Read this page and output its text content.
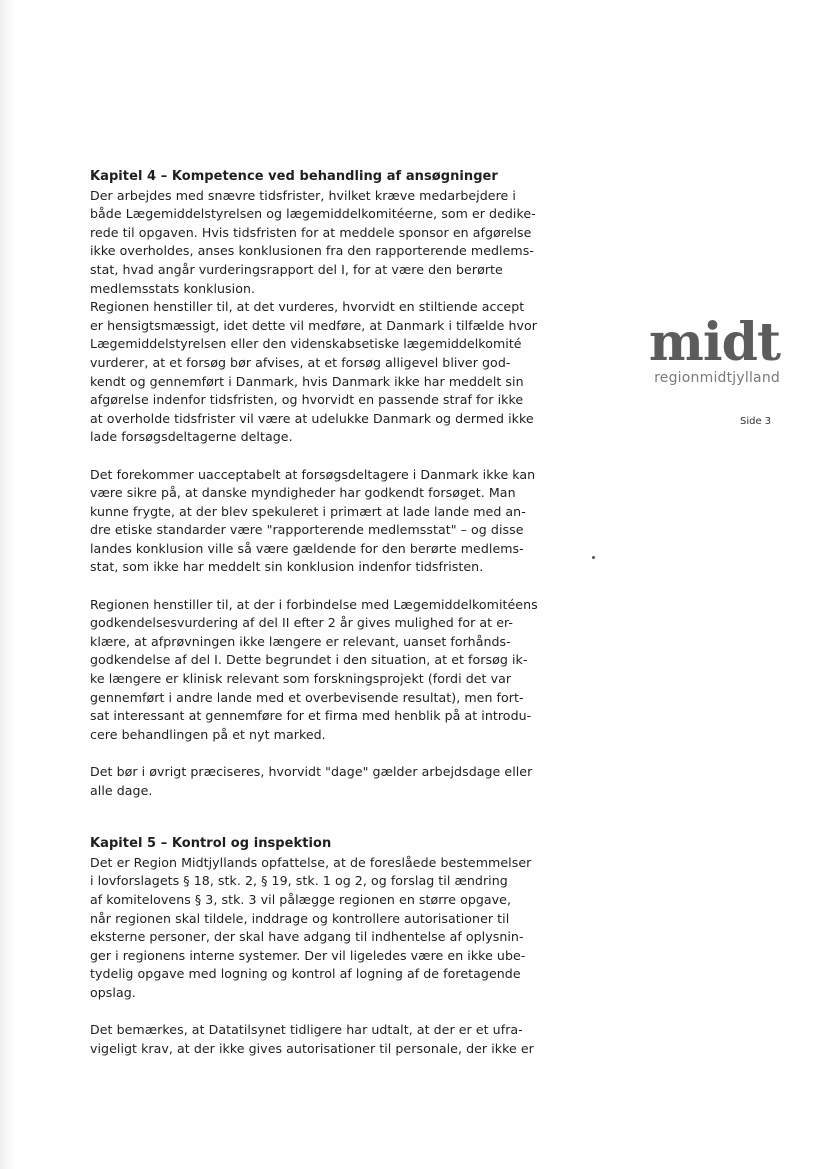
Kapitel 4 – Kompetence ved behandling af ansøgninger

Der arbejdes med snævre tidsfrister, hvilket kræve medarbejdere i
både Lægemiddelstyrelsen og lægemiddelkomitéerne, som er dedike-
rede til opgaven. Hvis tidsfristen for at meddele sponsor en afgørelse
ikke overholdes, anses konklusionen fra den rapporterende medlems-
stat, hvad angår vurderingsrapport del I, for at være den berørte
medlemsstats konklusion.
Regionen henstiller til, at det vurderes, hvorvidt en stiltiende accept
er hensigtsmæssigt, idet dette vil medføre, at Danmark i tilfælde hvor
Lægemiddelstyrelsen eller den videnskabsetiske lægemiddelkomité
vurderer, at et forsøg bør afvises, at et forsøg alligevel bliver god-
kendt og gennemført i Danmark, hvis Danmark ikke har meddelt sin
afgørelse indenfor tidsfristen, og hvorvidt en passende straf for ikke
at overholde tidsfrister vil være at udelukke Danmark og dermed ikke
lade forsøgsdeltagerne deltage.
Det forekommer uacceptabelt at forsøgsdeltagere i Danmark ikke kan
være sikre på, at danske myndigheder har godkendt forsøget. Man
kunne frygte, at der blev spekuleret i primært at lade lande med an-
dre etiske standarder være "rapporterende medlemsstat" – og disse
landes konklusion ville så være gældende for den berørte medlems-
stat, som ikke har meddelt sin konklusion indenfor tidsfristen.
Regionen henstiller til, at der i forbindelse med Lægemiddelkomitéens
godkendelsesvurdering af del II efter 2 år gives mulighed for at er-
klære, at afprøvningen ikke længere er relevant, uanset forhånds-
godkendelse af del I. Dette begrundet i den situation, at et forsøg ik-
ke længere er klinisk relevant som forskningsprojekt (fordi det var
gennemført i andre lande med et overbevisende resultat), men fort-
sat interessant at gennemføre for et firma med henblik på at introdu-
cere behandlingen på et nyt marked.
Det bør i øvrigt præciseres, hvorvidt "dage" gælder arbejdsdage eller
alle dage.

Kapitel 5 – Kontrol og inspektion

Det er Region Midtjyllands opfattelse, at de foreslåede bestemmelser
i lovforslagets § 18, stk. 2, § 19, stk. 1 og 2, og forslag til ændring
af komitelovens § 3, stk. 3 vil pålægge regionen en større opgave,
når regionen skal tildele, inddrage og kontrollere autorisationer til
eksterne personer, der skal have adgang til indhentelse af oplysnin-
ger i regionens interne systemer. Der vil ligeledes være en ikke ube-
tydelig opgave med logning og kontrol af logning af de foretagende
opslag.
Det bemærkes, at Datatilsynet tidligere har udtalt, at der er et ufra-
vigeligt krav, at der ikke gives autorisationer til personale, der ikke er
midt
regionmidtjylland
Side 3
